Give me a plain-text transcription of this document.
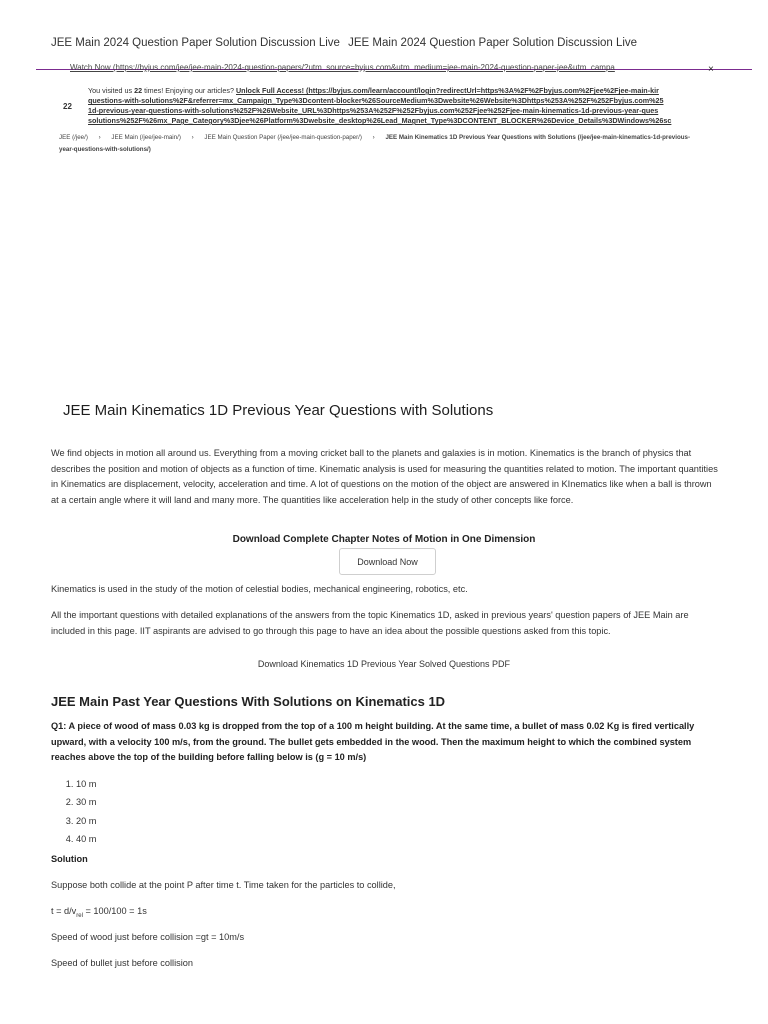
JEE Main 2024 Question Paper Solution Discussion Live JEE Main 2024 Question Paper Solution Discussion Live
Watch Now (https://byjus.com/jee/jee-main-2024-question-papers/?utm_source=byjus.com&utm_medium=jee-main-2024-question-paper-jee&utm_campa	×
22
You visited us 22 times! Enjoying our articles? Unlock Full Access! (https://byjus.com/learn/account/login?redirectUrl=https%3A%2F%2Fbyjus.com%2Fjee%2Fjee-main-kir
questions-with-solutions%2F&referrer=mx_Campaign_Type%3Dcontent-blocker%26SourceMedium%3Dwebsite%26Website%3Dhttps%253A%252F%252Fbyjus.com%25
1d-previous-year-questions-with-solutions%252F%26Website_URL%3Dhttps%253A%252F%252Fbyjus.com%252Fjee%252Fjee-main-kinematics-1d-previous-year-ques
solutions%252F%26mx_Page_Category%3Djee%26Platform%3Dwebsite_desktop%26Lead_Magnet_Type%3DCONTENT_BLOCKER%26Device_Details%3DWindows%26sc
JEE (/jee/) › JEE Main (/jee/jee-main/) › JEE Main Question Paper (/jee/jee-main-question-paper/) › JEE Main Kinematics 1D Previous Year Questions with Solutions (/jee/jee-main-kinematics-1d-previous-year-questions-with-solutions/)
JEE Main Kinematics 1D Previous Year Questions with Solutions

We find objects in motion all around us. Everything from a moving cricket ball to the planets and galaxies is in motion. Kinematics is the branch of physics that describes the position and motion of objects as a function of time. Kinematic analysis is used for measuring the quantities related to motion. The important quantities in Kinematics are displacement, velocity, acceleration and time. A lot of questions on the motion of the object are answered in KInematics like when a ball is thrown at a certain angle where it will land and many more. The quantities like acceleration help in the study of other concepts like force.

Download Complete Chapter Notes of Motion in One Dimension
Download Now

Kinematics is used in the study of the motion of celestial bodies, mechanical engineering, robotics, etc.

All the important questions with detailed explanations of the answers from the topic Kinematics 1D, asked in previous years' question papers of JEE Main are included in this page. IIT aspirants are advised to go through this page to have an idea about the possible questions asked from this topic.

Download Kinematics 1D Previous Year Solved Questions PDF
JEE Main Past Year Questions With Solutions on Kinematics 1D

Q1: A piece of wood of mass 0.03 kg is dropped from the top of a 100 m height building. At the same time, a bullet of mass 0.02 Kg is fired vertically upward, with a velocity 100 m/s, from the ground. The bullet gets embedded in the wood. Then the maximum height to which the combined system reaches above the top of the building before falling below is (g = 10 m/s)

1. 10 m
2. 30 m
3. 20 m
4. 40 m
Solution
Suppose both collide at the point P after time t. Time taken for the particles to collide,
$t = d/v_{rel} = 100/100 = 1s$
Speed of wood just before collision =gt = 10m/s
Speed of bullet just before collision
